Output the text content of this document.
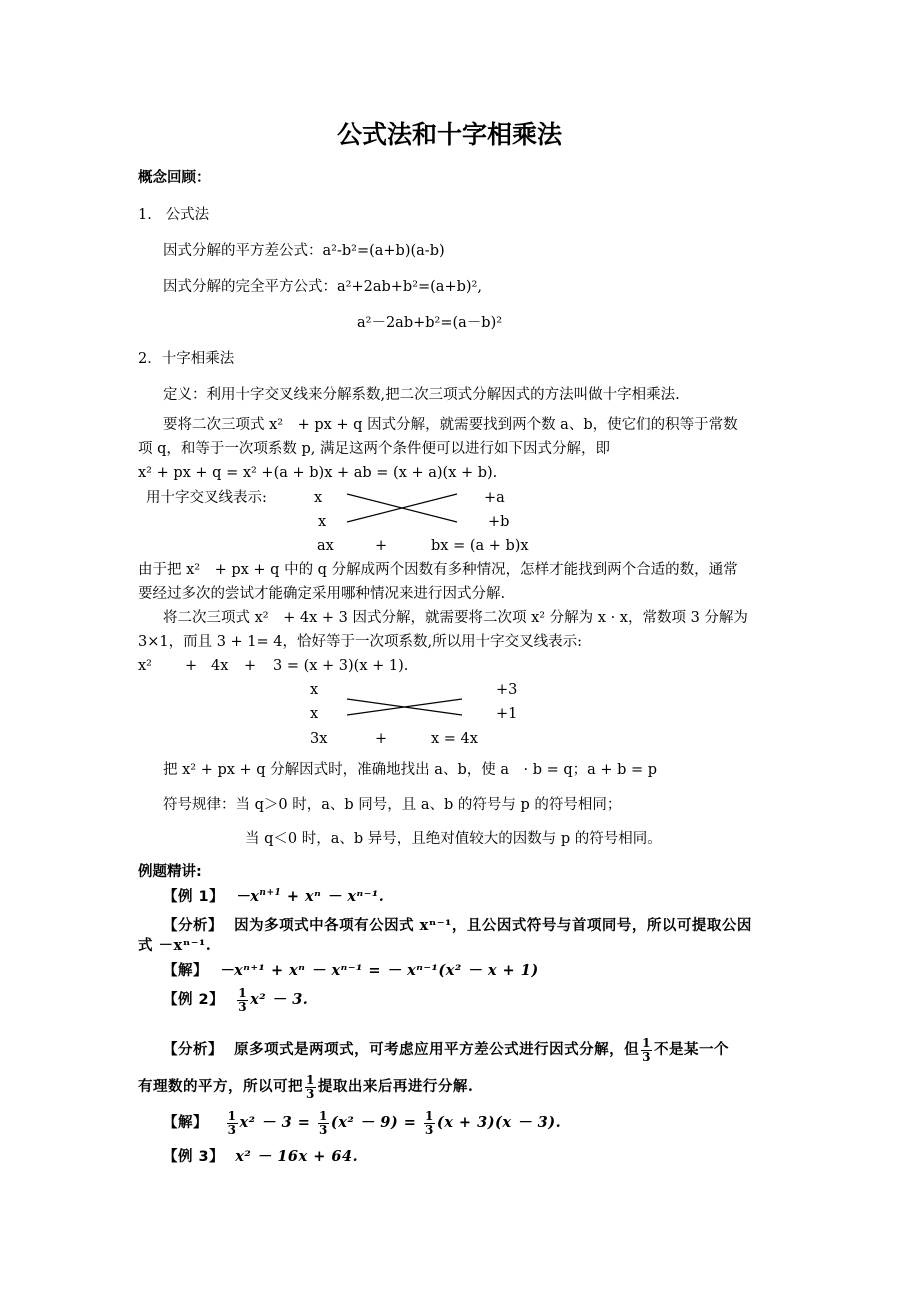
公式法和十字相乘法
概念回顾：
1.   公式法
因式分解的平方差公式：a²-b²=(a+b)(a-b)
因式分解的完全平方公式：a²+2ab+b²=(a+b)²,
a²－2ab+b²=(a－b)²
2．十字相乘法
定义：利用十字交叉线来分解系数,把二次三项式分解因式的方法叫做十字相乘法.
要将二次三项式 x²　+ px + q 因式分解，就需要找到两个数 a、b，使它们的积等于常数
项 q，和等于一次项系数 p, 满足这两个条件便可以进行如下因式分解，即
x² + px + q = x² +(a + b)x + ab = (x + a)(x + b).
用十字交叉线表示:	x	+a
x	+b
ax	+	bx = (a + b)x
由于把 x²　+ px + q 中的 q 分解成两个因数有多种情况，怎样才能找到两个合适的数，通常
要经过多次的尝试才能确定采用哪种情况来进行因式分解.
将二次三项式 x²　+ 4x + 3 因式分解，就需要将二次项 x² 分解为 x · x，常数项 3 分解为
3×1，而且 3 + 1= 4，恰好等于一次项系数,所以用十字交叉线表示:
x² + 4x + 3 = (x + 3)(x + 1).
x	+3
x	+1
3x	+	x = 4x
把 x² + px + q 分解因式时，准确地找出 a、b，使 a　· b = q；a + b = p
符号规律：当 q＞0 时，a、b 同号，且 a、b 的符号与 p 的符号相同；
当 q＜0 时，a、b 异号，且绝对值较大的因数与 p 的符号相同。
例题精讲:
【例 1】 $-x^{n+1} + x^n - x^{n-1}$.
【分析】 因为多项式中各项有公因式 xⁿ⁻¹，且公因式符号与首项同号，所以可提取公因
式 －xⁿ⁻¹.
【解】 －xⁿ⁺¹ + xⁿ － xⁿ⁻¹ = － xⁿ⁻¹(x² － x + 1)
【例 2】 $\frac{1}{3} x^2 - 3$.
【分析】 原多项式是两项式，可考虑应用平方差公式进行因式分解，但 $\frac{1}{3}$ 不是某一个
有理数的平方，所以可把 $\frac{1}{3}$ 提取出来后再进行分解.
【解】 $\frac{1}{3} x^2 - 3 = \frac{1}{3} (x^2 - 9) = \frac{1}{3} (x + 3)(x - 3)$.
【例 3】 x² － 16x + 64.
